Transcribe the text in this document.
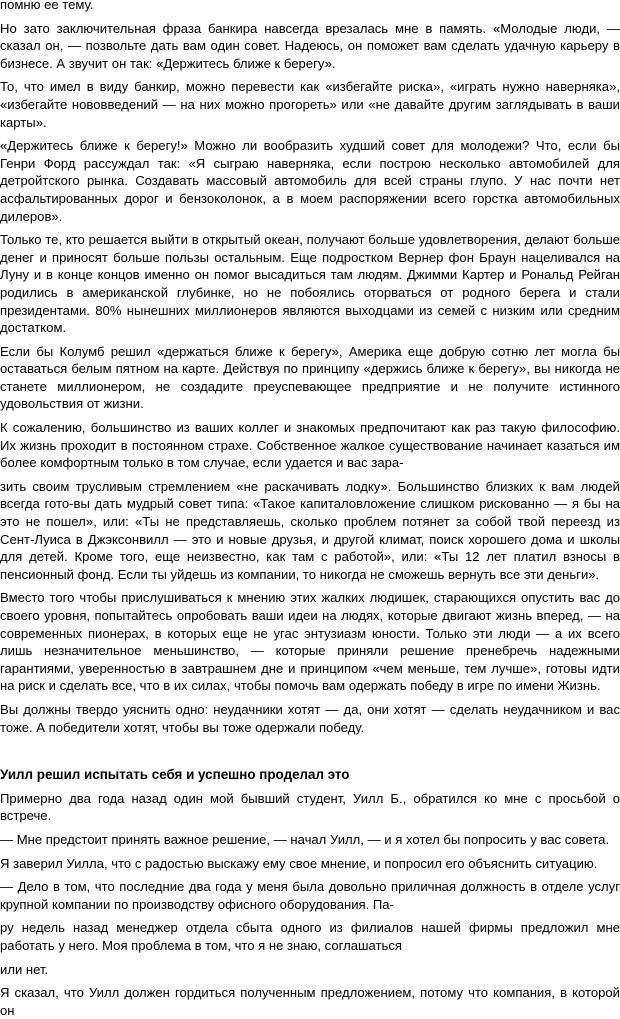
помню ее тему.

Но зато заключительная фраза банкира навсегда врезалась мне в память. «Молодые люди, — сказал он, — позвольте дать вам один совет. Надеюсь, он поможет вам сделать удачную карьеру в бизнесе. А звучит он так: «Держитесь ближе к берегу».

То, что имел в виду банкир, можно перевести как «избегайте риска», «играть нужно наверняка», «избегайте нововведений — на них можно прогореть» или «не давайте другим заглядывать в ваши карты».

«Держитесь ближе к берегу!» Можно ли вообразить худший совет для молодежи? Что, если бы Генри Форд рассуждал так: «Я сыграю наверняка, если построю несколько автомобилей для детройтского рынка. Создавать массовый автомобиль для всей страны глупо. У нас почти нет асфальтированных дорог и бензоколонок, а в моем распоряжении всего горстка автомобильных дилеров».

Только те, кто решается выйти в открытый океан, получают больше удовлетворения, делают больше денег и приносят больше пользы остальным. Еще подростком Вернер фон Браун нацеливался на Луну и в конце концов именно он помог высадиться там людям. Джимми Картер и Рональд Рейган родились в американской глубинке, но не побоялись оторваться от родного берега и стали президентами. 80% нынешних миллионеров являются выходцами из семей с низким или средним достатком.

Если бы Колумб решил «держаться ближе к берегу», Америка еще добрую сотню лет могла бы оставаться белым пятном на карте. Действуя по принципу «держись ближе к берегу», вы никогда не станете миллионером, не создадите преуспевающее предприятие и не получите истинного удовольствия от жизни.

К сожалению, большинство из ваших коллег и знакомых предпочитают как раз такую философию. Их жизнь проходит в постоянном страхе. Собственное жалкое существование начинает казаться им более комфортным только в том случае, если удается и вас зара-

зить своим трусливым стремлением «не раскачивать лодку». Большинство близких к вам людей всегда гото-вы дать мудрый совет типа: «Такое капиталовложение слишком рискованно — я бы на это не пошел», или: «Ты не представляешь, сколько проблем потянет за собой твой переезд из Сент-Луиса в Джэксонвилл — это и новые друзья, и другой климат, поиск хорошего дома и школы для детей. Кроме того, еще неизвестно, как там с работой», или: «Ты 12 лет платил взносы в пенсионный фонд. Если ты уйдешь из компании, то никогда не сможешь вернуть все эти деньги».

Вместо того чтобы прислушиваться к мнению этих жалких людишек, старающихся опустить вас до своего уровня, попытайтесь опробовать ваши идеи на людях, которые двигают жизнь вперед, — на современных пионерах, в которых еще не угас энтузиазм юности. Только эти люди — а их всего лишь незначительное меньшинство, — которые приняли решение пренебречь надежными гарантиями, уверенностью в завтрашнем дне и принципом «чем меньше, тем лучше», готовы идти на риск и сделать все, что в их силах, чтобы помочь вам одержать победу в игре по имени Жизнь.

Вы должны твердо уяснить одно: неудачники хотят — да, они хотят — сделать неудачником и вас тоже. А победители хотят, чтобы вы тоже одержали победу.

Уилл решил испытать себя и успешно проделал это

Примерно два года назад один мой бывший студент, Уилл Б., обратился ко мне с просьбой о встрече.

— Мне предстоит принять важное решение, — начал Уилл, — и я хотел бы попросить у вас совета.

Я заверил Уилла, что с радостью выскажу ему свое мнение, и попросил его объяснить ситуацию.

— Дело в том, что последние два года у меня была довольно приличная должность в отделе услуг крупной компании по производству офисного оборудования. Па-

ру недель назад менеджер отдела сбыта одного из филиалов нашей фирмы предложил мне работать у него. Моя проблема в том, что я не знаю, соглашаться

или нет.

Я сказал, что Уилл должен гордиться полученным предложением, потому что компания, в которой он
